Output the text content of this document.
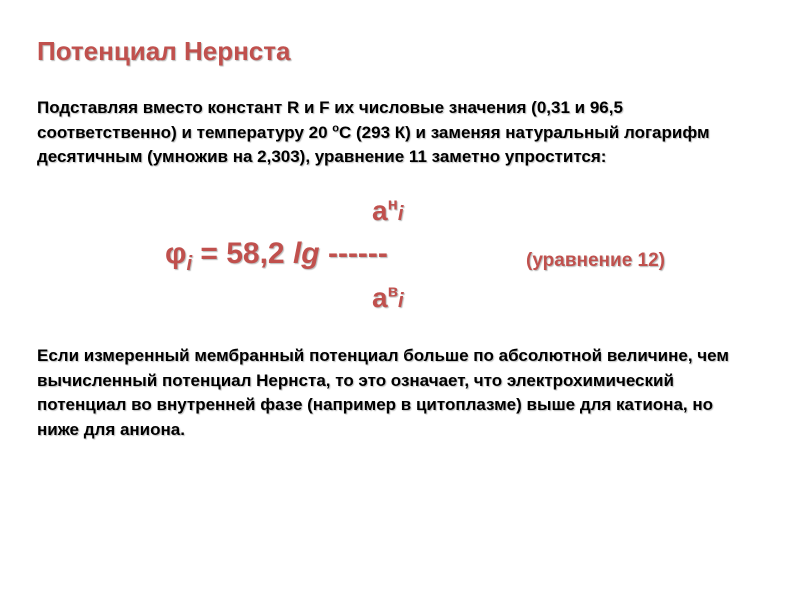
Потенциал Нернста
Подставляя вместо констант R и F их числовые значения (0,31 и 96,5 соответственно) и температуру 20 $^о$С (293 К) и заменяя натуральный логарифм десятичным (умножив на 2,303), уравнение 11 заметно упростится:
$a^нi$
$\varphi_i = 58,2$ lg ------	(уравнение 12)
$a^вi$
Если измеренный мембранный потенциал больше по абсолютной величине, чем вычисленный потенциал Нернста, то это означает, что электрохимический потенциал во внутренней фазе (например в цитоплазме) выше для катиона, но ниже для аниона.
